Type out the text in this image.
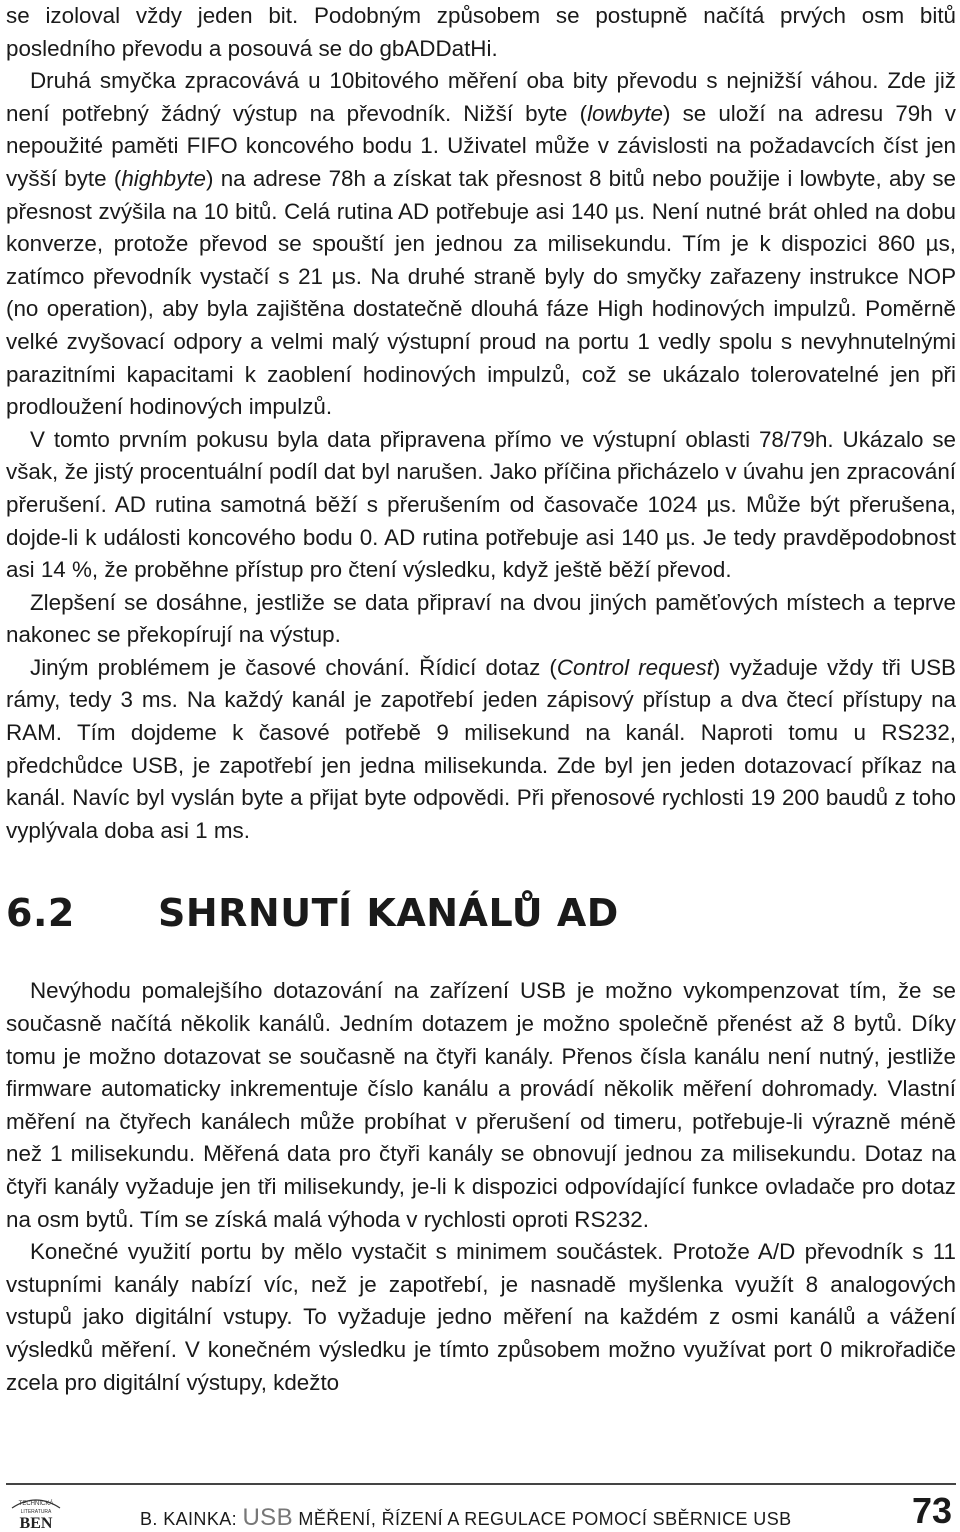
se izoloval vždy jeden bit. Podobným způsobem se postupně načítá prvých osm bitů posledního převodu a posouvá se do gbADDatHi.

Druhá smyčka zpracovává u 10bitového měření oba bity převodu s nejnižší váhou. Zde již není potřebný žádný výstup na převodník. Nižší byte (lowbyte) se uloží na adresu 79h v nepoužité paměti FIFO koncového bodu 1. Uživatel může v závislosti na požadavcích číst jen vyšší byte (highbyte) na adrese 78h a získat tak přesnost 8 bitů nebo použije i lowbyte, aby se přesnost zvýšila na 10 bitů. Celá rutina AD potřebuje asi 140 µs. Není nutné brát ohled na dobu konverze, protože převod se spouští jen jednou za milisekundu. Tím je k dispozici 860 µs, zatímco převodník vystačí s 21 µs. Na druhé straně byly do smyčky zařazeny instrukce NOP (no operation), aby byla zajištěna dostatečně dlouhá fáze High hodinových impulzů. Poměrně velké zvyšovací odpory a velmi malý výstupní proud na portu 1 vedly spolu s nevyhnutelnými parazitními kapacitami k zaoblení hodinových impulzů, což se ukázalo tolerovatelné jen při prodloužení hodinových impulzů.

V tomto prvním pokusu byla data připravena přímo ve výstupní oblasti 78/79h. Ukázalo se však, že jistý procentuální podíl dat byl narušen. Jako příčina přicházelo v úvahu jen zpracování přerušení. AD rutina samotná běží s přerušením od časovače 1024 µs. Může být přerušena, dojde-li k události koncového bodu 0. AD rutina potřebuje asi 140 µs. Je tedy pravděpodobnost asi 14 %, že proběhne přístup pro čtení výsledku, když ještě běží převod.

Zlepšení se dosáhne, jestliže se data připraví na dvou jiných paměťových místech a teprve nakonec se překopírují na výstup.

Jiným problémem je časové chování. Řídicí dotaz (Control request) vyžaduje vždy tři USB rámy, tedy 3 ms. Na každý kanál je zapotřebí jeden zápisový přístup a dva čtecí přístupy na RAM. Tím dojdeme k časové potřebě 9 milisekund na kanál. Naproti tomu u RS232, předchůdce USB, je zapotřebí jen jedna milisekunda. Zde byl jen jeden dotazovací příkaz na kanál. Navíc byl vyslán byte a přijat byte odpovědi. Při přenosové rychlosti 19 200 baudů z toho vyplývala doba asi 1 ms.

6.2	SHRNUTÍ KANÁLŮ AD

Nevýhodu pomalejšího dotazování na zařízení USB je možno vykompenzovat tím, že se současně načítá několik kanálů. Jedním dotazem je možno společně přenést až 8 bytů. Díky tomu je možno dotazovat se současně na čtyři kanály. Přenos čísla kanálu není nutný, jestliže firmware automaticky inkrementuje číslo kanálu a provádí několik měření dohromady. Vlastní měření na čtyřech kanálech může probíhat v přerušení od timeru, potřebuje-li výrazně méně než 1 milisekundu. Měřená data pro čtyři kanály se obnovují jednou za milisekundu. Dotaz na čtyři kanály vyžaduje jen tři milisekundy, je-li k dispozici odpovídající funkce ovladače pro dotaz na osm bytů. Tím se získá malá výhoda v rychlosti oproti RS232.

Konečné využití portu by mělo vystačit s minimem součástek. Protože A/D převodník s 11 vstupními kanály nabízí víc, než je zapotřebí, je nasnadě myšlenka využít 8 analogových vstupů jako digitální vstupy. To vyžaduje jedno měření na každém z osmi kanálů a vážení výsledků měření. V konečném výsledku je tímto způsobem možno využívat port 0 mikrořadiče zcela pro digitální výstupy, kdežto

TECHNICKÁ
LITERATURA
BEN	B. KAINKA: USB MĚŘENÍ, ŘÍZENÍ A REGULACE POMOCÍ SBĚRNICE USB	73
